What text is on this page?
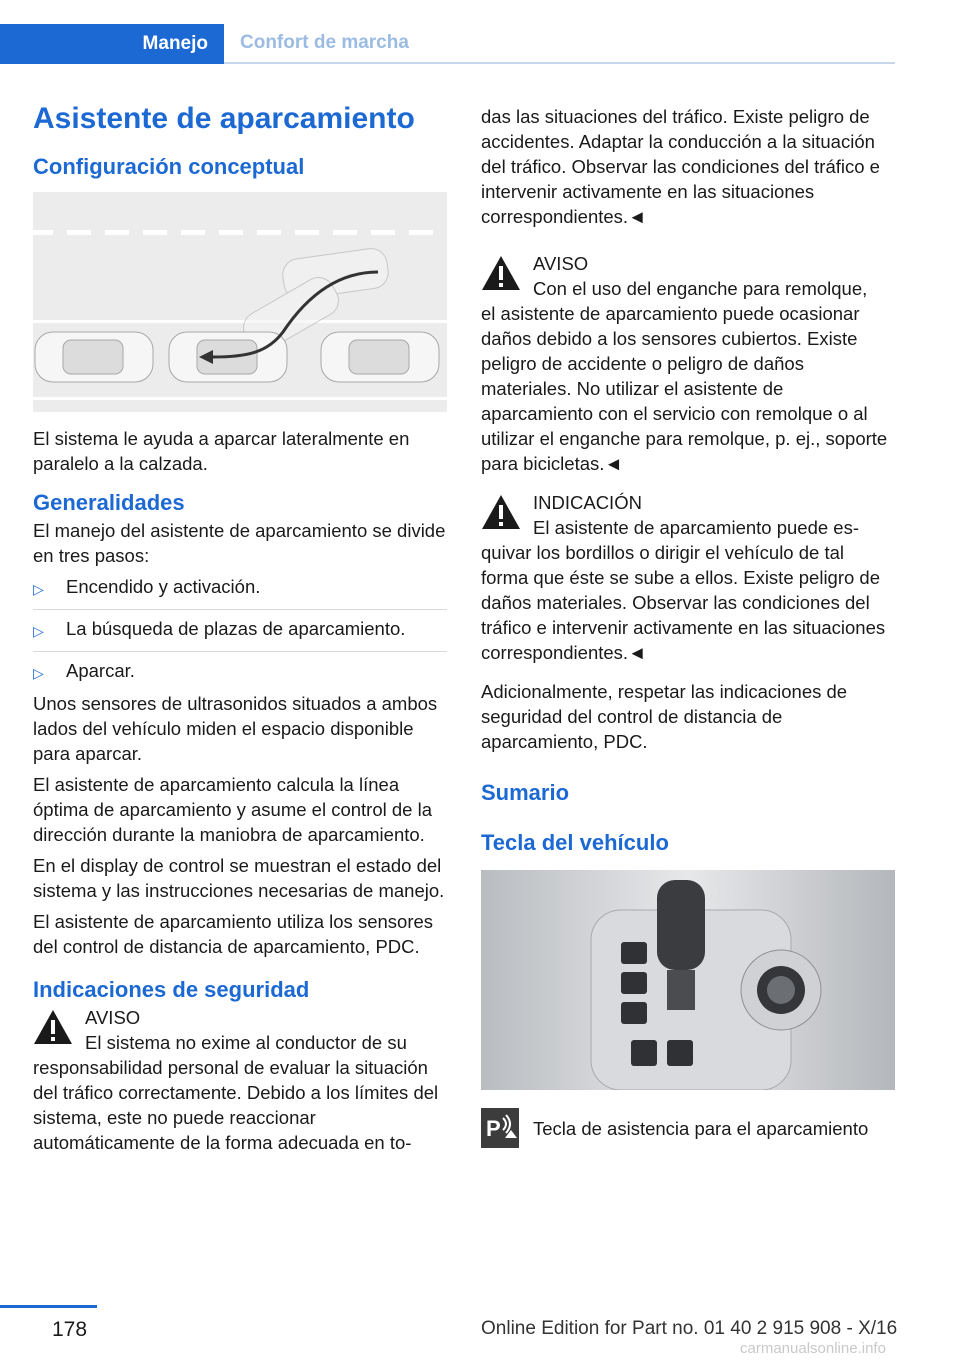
Manejo Confort de marcha
Asistente de aparcamiento
Configuración conceptual

El sistema le ayuda a aparcar lateralmente en paralelo a la calzada.

Generalidades

El manejo del asistente de aparcamiento se divide en tres pasos:

▷ Encendido y activación.
▷ La búsqueda de plazas de aparcamiento.
▷ Aparcar.

Unos sensores de ultrasonidos situados a ambos lados del vehículo miden el espacio disponible para aparcar.

El asistente de aparcamiento calcula la línea óptima de aparcamiento y asume el control de la dirección durante la maniobra de aparcamiento.

En el display de control se muestran el estado del sistema y las instrucciones necesarias de manejo.

El asistente de aparcamiento utiliza los sensores del control de distancia de aparcamiento, PDC.

Indicaciones de seguridad
AVISO
El sistema no exime al conductor de su
responsabilidad personal de evaluar la situación del tráfico correctamente. Debido a los límites del sistema, este no puede reaccionar automáticamente de la forma adecuada en to-

das las situaciones del tráfico. Existe peligro de accidentes. Adaptar la conducción a la situación del tráfico. Observar las condiciones del tráfico e intervenir activamente en las situaciones correspondientes.◄

AVISO
Con el uso del enganche para remolque,
el asistente de aparcamiento puede ocasionar daños debido a los sensores cubiertos. Existe peligro de accidente o peligro de daños materiales. No utilizar el asistente de aparcamiento con el servicio con remolque o al utilizar el enganche para remolque, p. ej., soporte para bicicletas.◄
INDICACIÓN
El asistente de aparcamiento puede es-
quivar los bordillos o dirigir el vehículo de tal forma que éste se sube a ellos. Existe peligro de daños materiales. Observar las condiciones del tráfico e intervenir activamente en las situaciones correspondientes.◄

Adicionalmente, respetar las indicaciones de seguridad del control de distancia de aparcamiento, PDC.

Sumario
Tecla del vehículo
P Tecla de asistencia para el aparcamiento

178	Online Edition for Part no. 01 40 2 915 908 - X/16
carmanualsonline.info
